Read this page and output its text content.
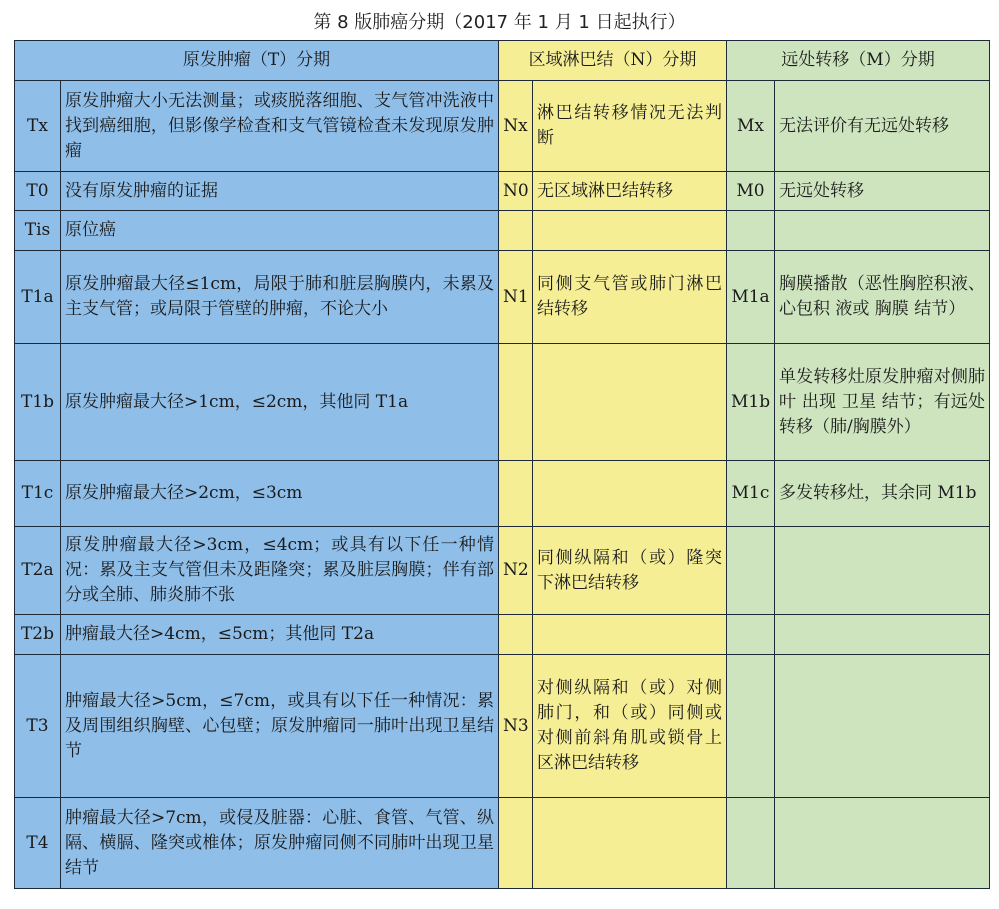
第 8 版肺癌分期（2017 年 1 月 1 日起执行）
原发肿瘤（T）分期		区域淋巴结（N）分期		远处转移（M）分期	
Tx	原发肿瘤大小无法测量；或痰脱落细胞、支气管冲洗液中找到癌细胞，但影像学检查和支气管镜检查未发现原发肿瘤	Nx	淋巴结转移情况无法判断	Mx	无法评价有无远处转移
T0	没有原发肿瘤的证据	N0	无区域淋巴结转移	M0	无远处转移
Tis	原位癌				
T1a	原发肿瘤最大径≤1cm，局限于肺和脏层胸膜内，未累及主支气管；或局限于管壁的肿瘤，不论大小	N1	同侧支气管或肺门淋巴结转移	M1a	胸膜播散（恶性胸腔积液、心包积 液或 胸膜 结节）
T1b	原发肿瘤最大径>1cm，≤2cm，其他同 T1a			M1b	单发转移灶原发肿瘤对侧肺叶 出现 卫星 结节；有远处转移（肺/胸膜外）
T1c	原发肿瘤最大径>2cm，≤3cm			M1c	多发转移灶，其余同 M1b
T2a	原发肿瘤最大径>3cm，≤4cm；或具有以下任一种情况：累及主支气管但未及距隆突；累及脏层胸膜；伴有部分或全肺、肺炎肺不张	N2	同侧纵隔和（或）隆突下淋巴结转移		
T2b	肿瘤最大径>4cm，≤5cm；其他同 T2a				
T3	肿瘤最大径>5cm，≤7cm，或具有以下任一种情况：累及周围组织胸壁、心包壁；原发肿瘤同一肺叶出现卫星结节	N3	对侧纵隔和（或）对侧肺门，和（或）同侧或对侧前斜角肌或锁骨上区淋巴结转移		
T4	肿瘤最大径>7cm，或侵及脏器：心脏、食管、气管、纵隔、横膈、隆突或椎体；原发肿瘤同侧不同肺叶出现卫星结节				
